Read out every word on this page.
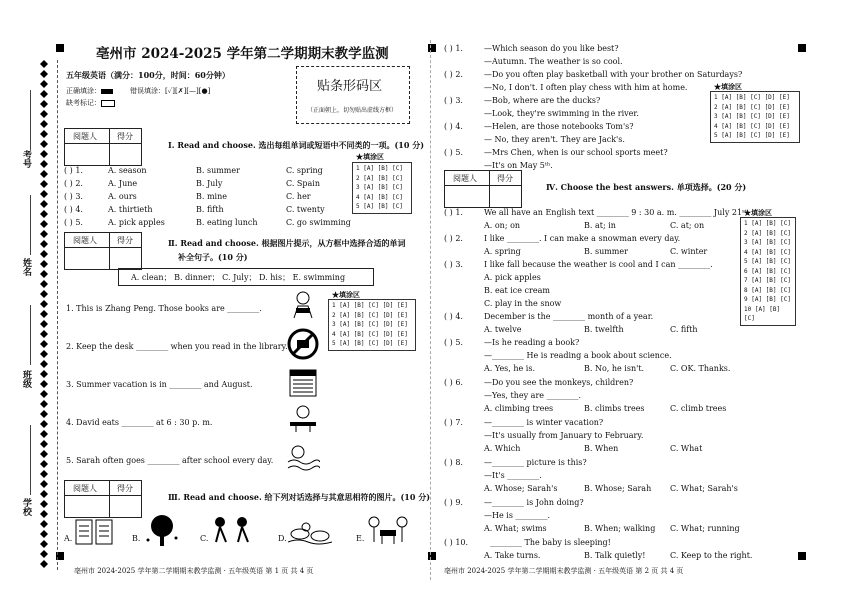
考号
姓名
班级
学校
亳州市 2024-2025 学年第二学期期末教学监测
五年级英语（满分：100分，时间：60分钟）
正确填涂：	错误填涂：[✓][✗][—][●]
缺考标记：
贴条形码区
（正面朝上，切勿贴出虚线方框）
阅题人	得分
Ⅰ. Read and choose. 选出每组单词或短语中不同类的一项。(10 分)
( ) 1.	A. season	B. summer	C. spring
( ) 2.	A. June	B. July	C. Spain
( ) 3.	A. ours	B. mine	C. her
( ) 4.	A. thirtieth	B. fifth	C. twenty
( ) 5.	A. pick apples	B. eating lunch	C. go swimming
★填涂区
1 [A] [B] [C]
2 [A] [B] [C]
3 [A] [B] [C]
4 [A] [B] [C]
5 [A] [B] [C]
阅题人	得分	Ⅱ. Read and choose. 根据图片提示，从方框中选择合适的单词
补全句子。(10 分)
A. clean； B. dinner； C. July； D. his； E. swimming
1. This is Zhang Peng. Those books are ________.
2. Keep the desk ________ when you read in the library.
3. Summer vacation is in ________ and August.
4. David eats ________ at 6 : 30 p. m.
5. Sarah often goes ________ after school every day.
★填涂区
1 [A] [B] [C] [D] [E]
2 [A] [B] [C] [D] [E]
3 [A] [B] [C] [D] [E]
4 [A] [B] [C] [D] [E]
5 [A] [B] [C] [D] [E]
阅题人	得分
Ⅲ. Read and choose. 给下列对话选择与其意思相符的图片。(10 分)
A.	B.	C.	D.	E.
亳州市 2024-2025 学年第二学期期末教学监测 · 五年级英语 第 1 页 共 4 页
( ) 1.	—Which season do you like best?
—Autumn. The weather is so cool.
( ) 2.	—Do you often play basketball with your brother on Saturdays?
—No, I don't. I often play chess with him at home.
( ) 3.	—Bob, where are the ducks?
—Look, they're swimming in the river.
( ) 4.	—Helen, are those notebooks Tom's?
— No, they aren't. They are Jack's.
( ) 5.	—Mrs Chen, when is our school sports meet?
—It's on May 5ᵗʰ.
★填涂区
1 [A] [B] [C] [D] [E]
2 [A] [B] [C] [D] [E]
3 [A] [B] [C] [D] [E]
4 [A] [B] [C] [D] [E]
5 [A] [B] [C] [D] [E]
阅题人	得分
Ⅳ. Choose the best answers. 单项选择。(20 分)
( ) 1.	We all have an English text ________ 9 : 30 a. m. ________ July 21ˢᵗ.
A. on; on	B. at; in	C. at; on
( ) 2.	I like ________. I can make a snowman every day.
A. spring	B. summer	C. winter
( ) 3.	I like fall because the weather is cool and I can ________.
A. pick apples
B. eat ice cream
C. play in the snow
( ) 4.	December is the ________ month of a year.
A. twelve	B. twelfth	C. fifth
( ) 5.	—Is he reading a book?
—________ He is reading a book about science.
A. Yes, he is.	B. No, he isn't.	C. OK. Thanks.
( ) 6.	—Do you see the monkeys, children?
—Yes, they are ________.
A. climbing trees	B. climbs trees	C. climb trees
( ) 7.	—________ is winter vacation?
—It's usually from January to February.
A. Which	B. When	C. What
( ) 8.	—________ picture is this?
—It's ________.
A. Whose; Sarah's	B. Whose; Sarah C. What; Sarah's
( ) 9.	—________ is John doing?
—He is ________.
A. What; swims	B. When; walking C. What; running
( ) 10.	________ The baby is sleeping!
A. Take turns.	B. Talk quietly!	C. Keep to the right.
★填涂区
1 [A] [B] [C]
2 [A] [B] [C]
3 [A] [B] [C]
4 [A] [B] [C]
5 [A] [B] [C]
6 [A] [B] [C]
7 [A] [B] [C]
8 [A] [B] [C]
9 [A] [B] [C]
10 [A] [B] [C]
亳州市 2024-2025 学年第二学期期末教学监测 · 五年级英语 第 2 页 共 4 页
